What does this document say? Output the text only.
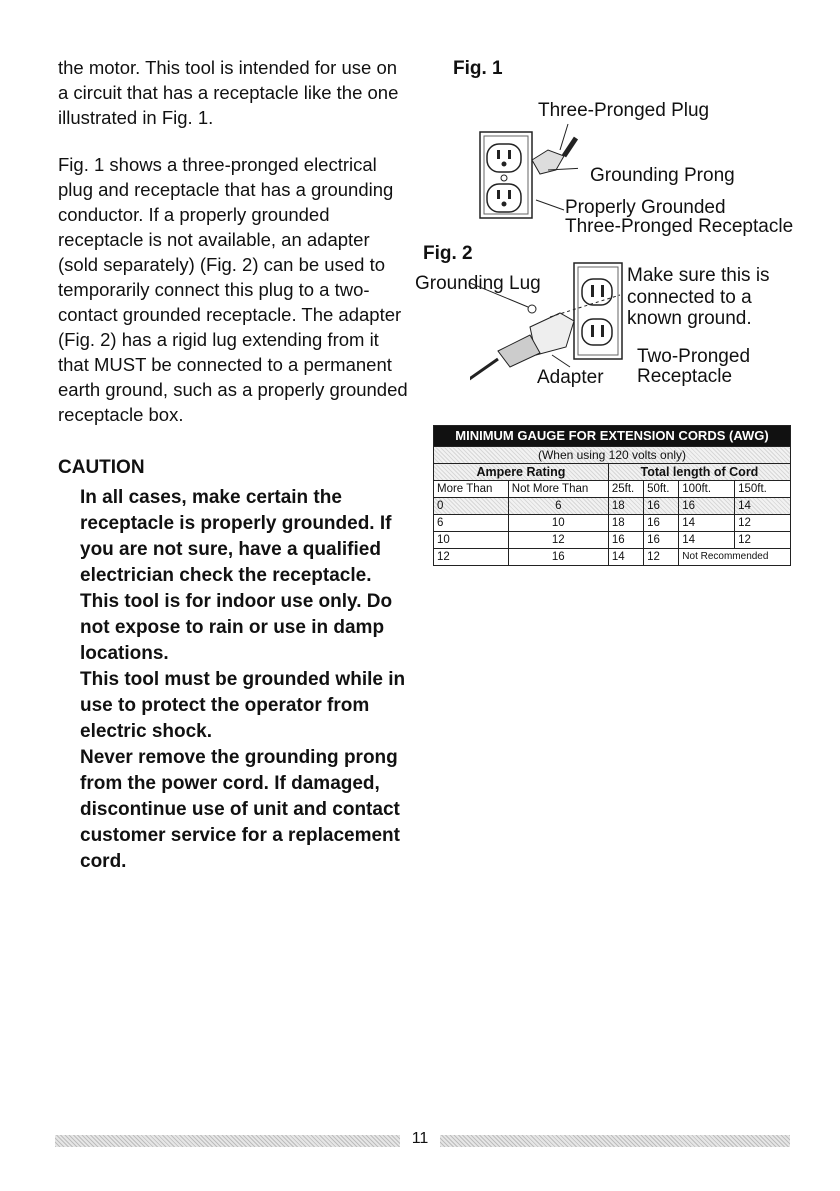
the motor. This tool is intended for use on a circuit that has a receptacle like the one illustrated in Fig. 1.

Fig. 1 shows a three-pronged electrical plug and receptacle that has a grounding conductor. If a properly grounded receptacle is not available, an adapter (sold separately) (Fig. 2) can be used to temporarily connect this plug to a two-contact grounded receptacle. The adapter (Fig. 2) has a rigid lug extending from it that MUST be connected to a permanent earth ground, such as a properly grounded receptacle box.

CAUTION
In all cases, make certain the receptacle is properly grounded. If you are not sure, have a qualified electrician check the receptacle.
This tool is for indoor use only. Do not expose to rain or use in damp locations.
This tool must be grounded while in use to protect the operator from electric shock.
Never remove the grounding prong from the power cord. If damaged, discontinue use of unit and contact customer service for a replacement cord.
Fig. 1
Three-Pronged Plug
Grounding Prong
Properly Grounded
Three-Pronged Receptacle
Fig. 2
Grounding Lug	Make sure this is
connected to a
known ground.
Two-Pronged
Receptacle
Adapter
MINIMUM GAUGE FOR EXTENSION CORDS (AWG)					
(When using 120 volts only)					
Ampere Rating		Total length of Cord			
More Than	Not More Than	25ft.	50ft.	100ft.	150ft.
0	6	18	16	16	14
6	10	18	16	14	12
10	12	16	16	14	12
12	16	14	12	Not Recommended	
11
